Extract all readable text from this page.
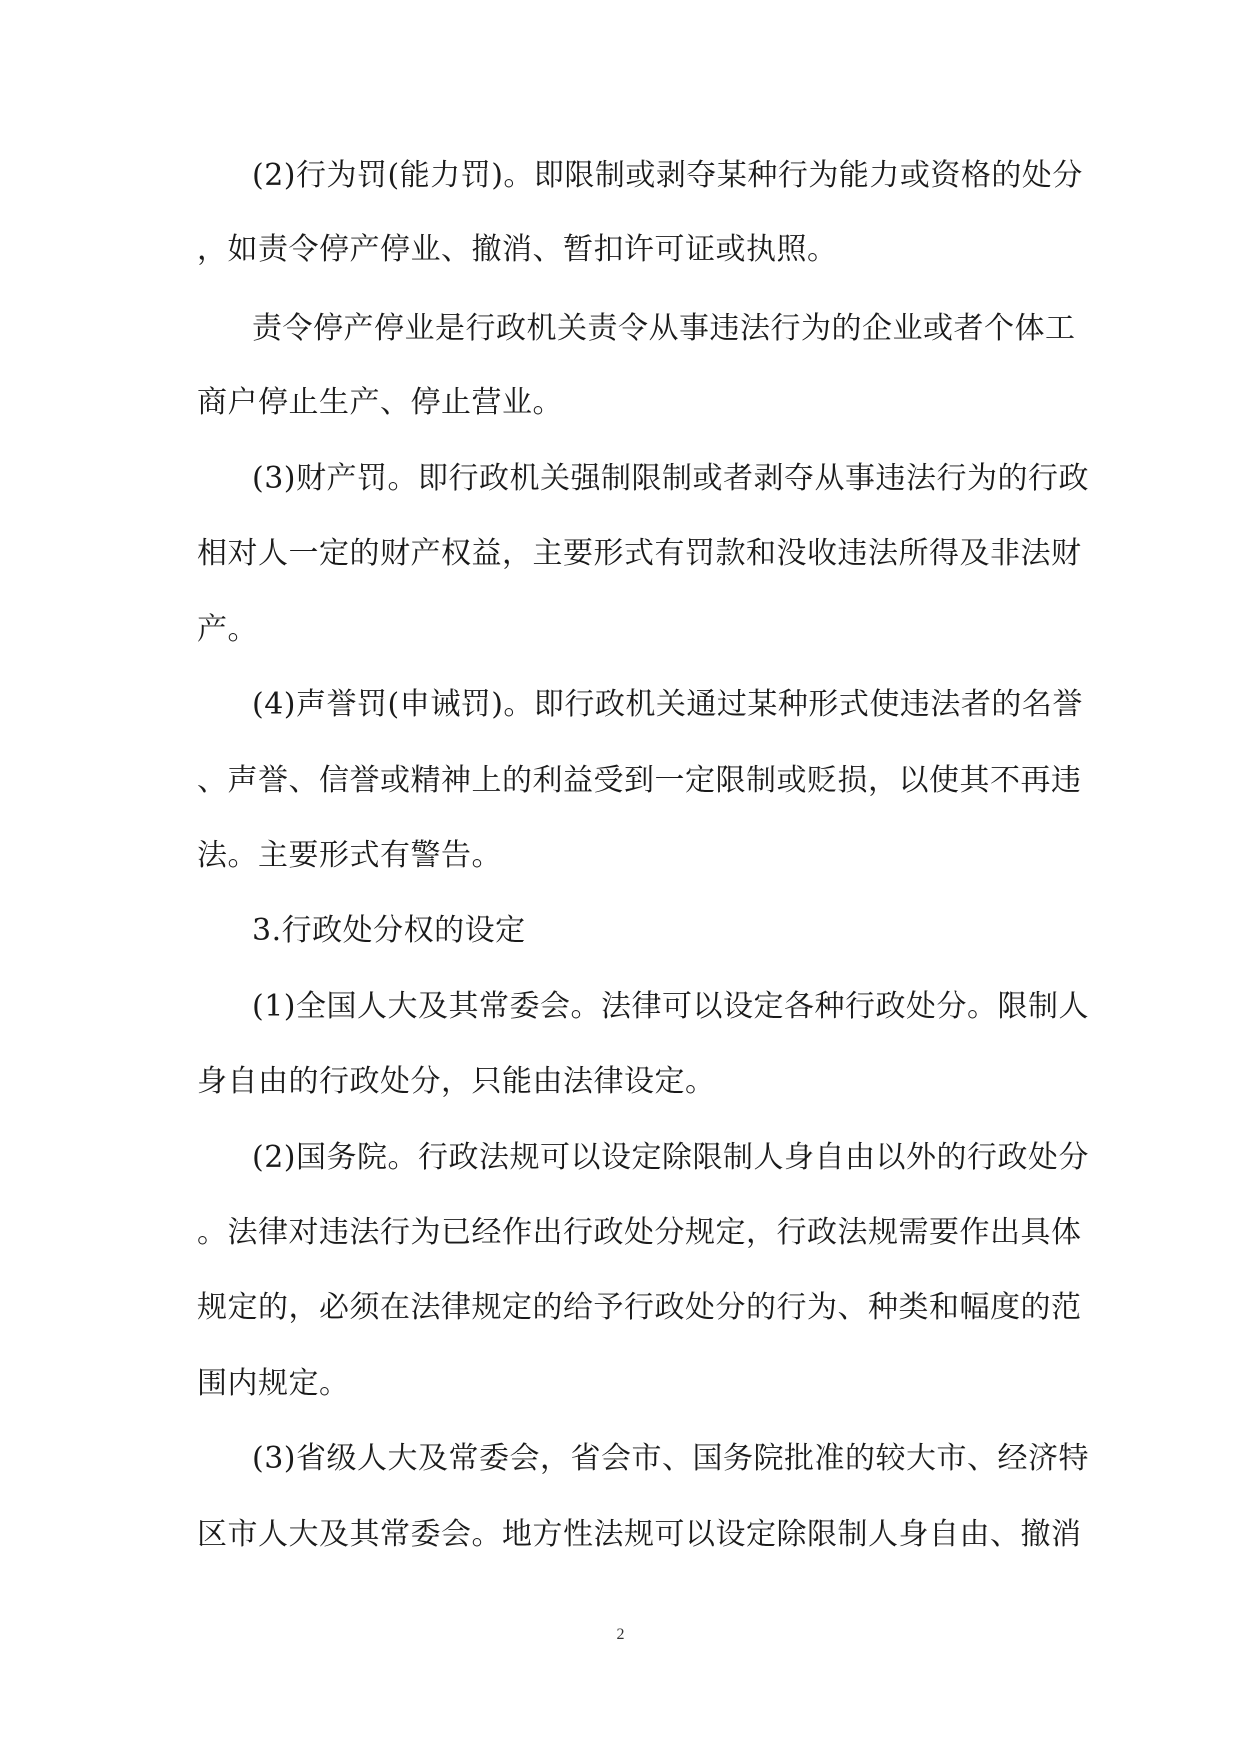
(2)行为罚(能力罚)。即限制或剥夺某种行为能力或资格的处分
，如责令停产停业、撤消、暂扣许可证或执照。
责令停产停业是行政机关责令从事违法行为的企业或者个体工
商户停止生产、停止营业。
(3)财产罚。即行政机关强制限制或者剥夺从事违法行为的行政
相对人一定的财产权益，主要形式有罚款和没收违法所得及非法财
产。
(4)声誉罚(申诫罚)。即行政机关通过某种形式使违法者的名誉
、声誉、信誉或精神上的利益受到一定限制或贬损，以使其不再违
法。主要形式有警告。
3.行政处分权的设定
(1)全国人大及其常委会。法律可以设定各种行政处分。限制人
身自由的行政处分，只能由法律设定。
(2)国务院。行政法规可以设定除限制人身自由以外的行政处分
。法律对违法行为已经作出行政处分规定，行政法规需要作出具体
规定的，必须在法律规定的给予行政处分的行为、种类和幅度的范
围内规定。
(3)省级人大及常委会，省会市、国务院批准的较大市、经济特
区市人大及其常委会。地方性法规可以设定除限制人身自由、撤消
2
